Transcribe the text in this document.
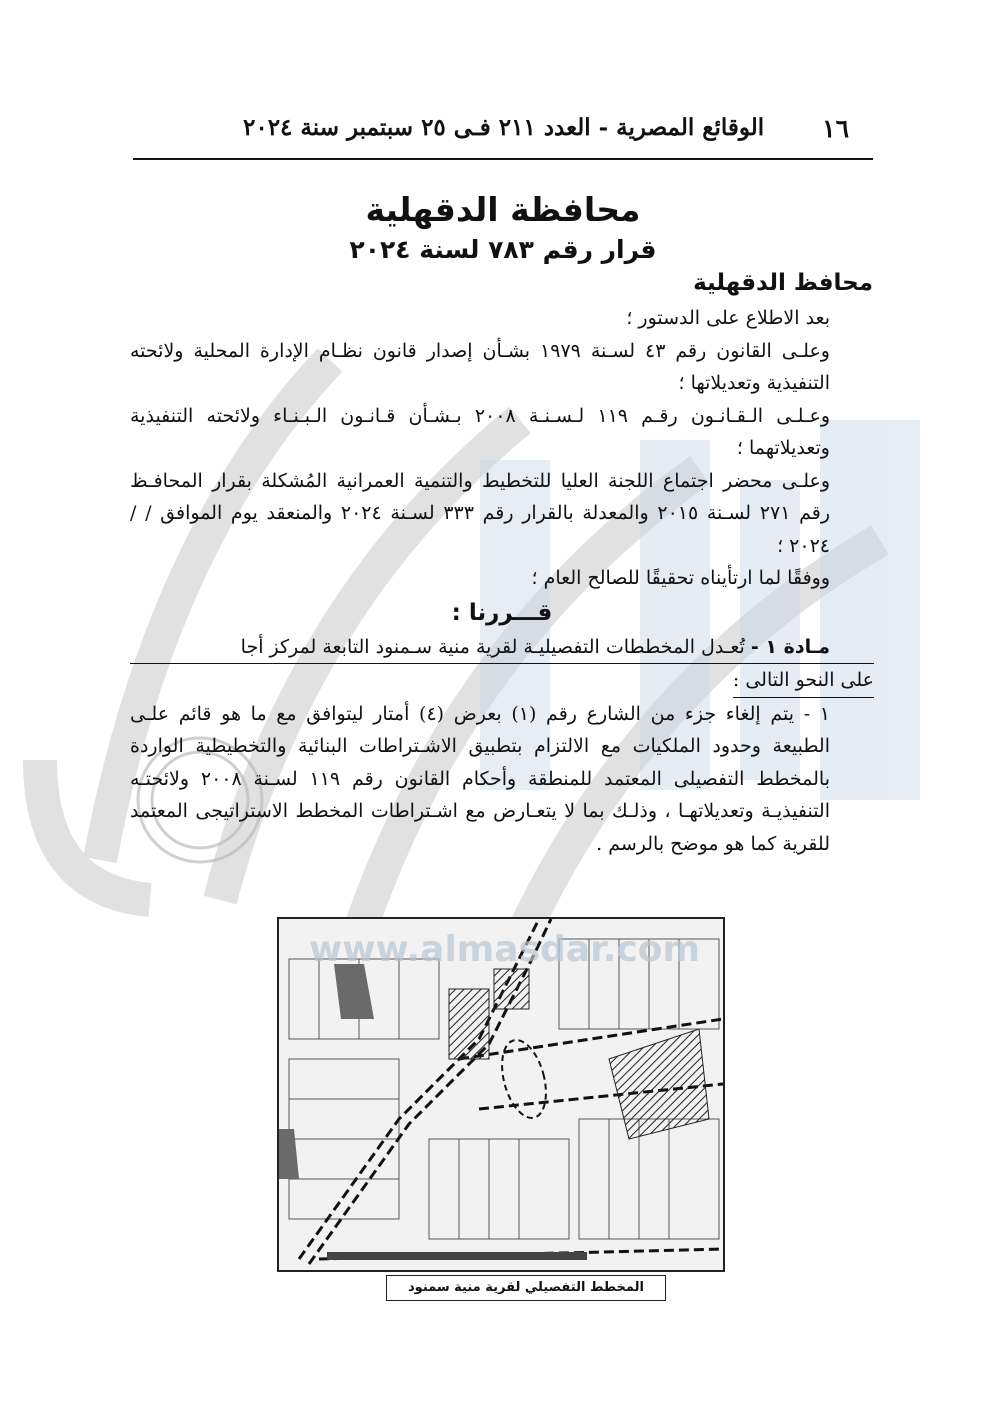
١٦
الوقائع المصرية - العدد ٢١١ فـى ٢٥ سبتمبر سنة ٢٠٢٤
محافظة الدقهلية
قرار رقم ٧٨٣ لسنة ٢٠٢٤
محافظ الدقهلية

بعد الاطلاع على الدستور ؛

وعلـى القانون رقم ٤٣ لسـنة ١٩٧٩ بشـأن إصدار قانون نظـام الإدارة المحلية ولائحته التنفيذية وتعديلاتها ؛

وعـلـى الـقـانـون رقـم ١١٩ لـسـنـة ٢٠٠٨ بـشـأن قـانـون الـبـنـاء ولائحته التنفيذية وتعديلاتهما ؛

وعلـى محضر اجتماع اللجنة العليا للتخطيط والتنمية العمرانية المُشكلة بقرار المحافـظ رقم ٢٧١ لسـنة ٢٠١٥ والمعدلة بالقرار رقم ٣٣٣ لسـنة ٢٠٢٤ والمنعقد يوم الموافق / /٢٠٢٤ ؛

ووفقًا لما ارتأيناه تحقيقًا للصالح العام ؛

قـــررنا :

مـادة ١ - تُعـدل المخططات التفصيليـة لقرية منية سـمنود التابعة لمركز أجا

على النحو التالى :

١ - يتم إلغاء جزء من الشارع رقم (١) بعرض (٤) أمتار ليتوافق مع ما هو قائم علـى الطبيعة وحدود الملكيات مع الالتزام بتطبيق الاشـتراطات البنائية والتخطيطية الواردة بالمخطط التفصيلى المعتمد للمنطقة وأحكام القانون رقم ١١٩ لسـنة ٢٠٠٨ ولائحتـه التنفيذيـة وتعديلاتهـا ، وذلـك بما لا يتعـارض مع اشـتراطات المخطط الاستراتيجى المعتمد للقرية كما هو موضح بالرسم .

www.almasdar.com
المخطط التفصيلي لقرية منية سمنود
